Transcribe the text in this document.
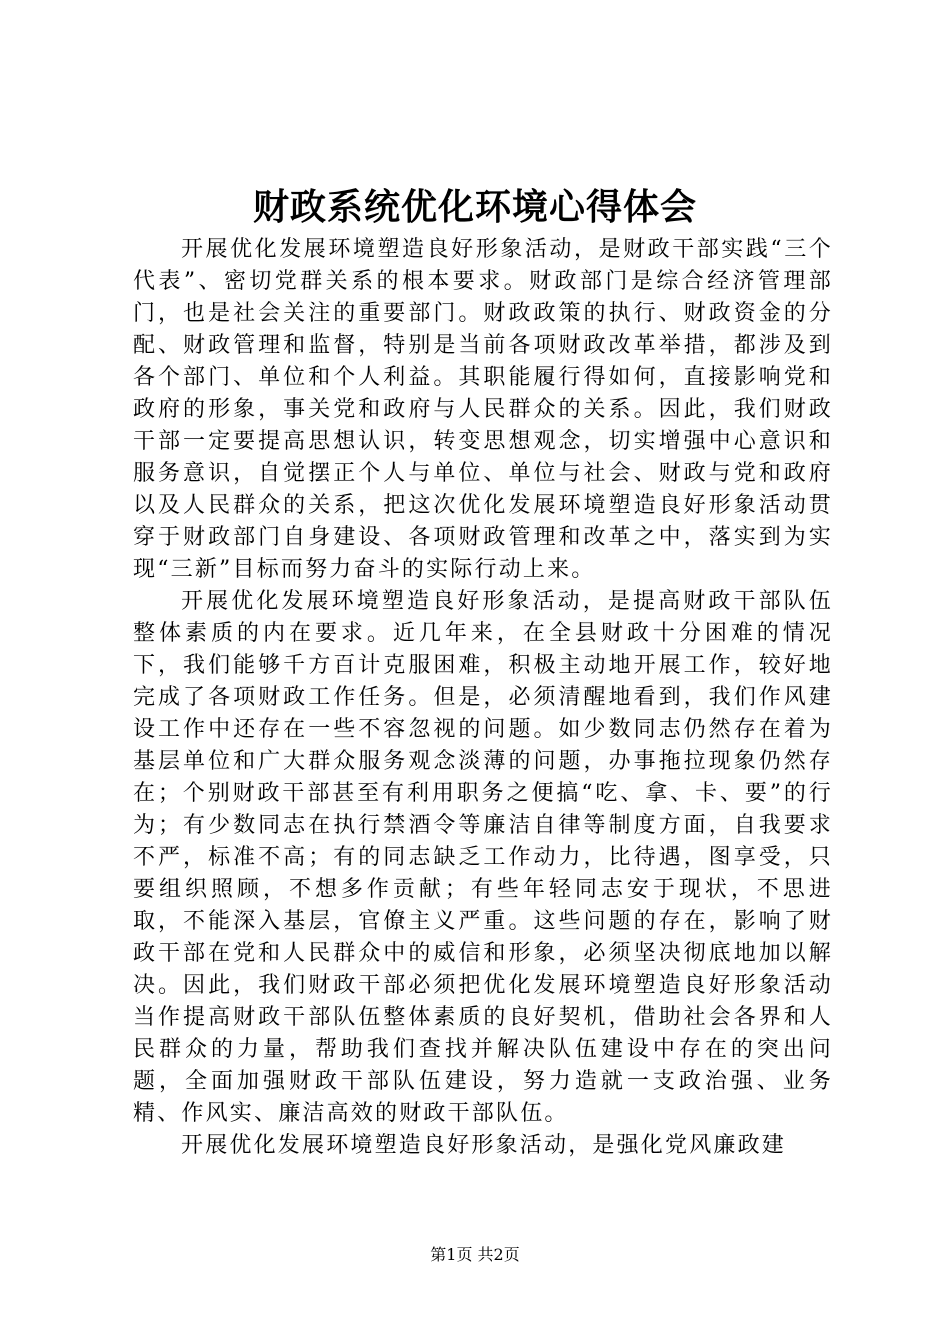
财政系统优化环境心得体会

开展优化发展环境塑造良好形象活动，是财政干部实践“三个代表”、密切党群关系的根本要求。财政部门是综合经济管理部门，也是社会关注的重要部门。财政政策的执行、财政资金的分配、财政管理和监督，特别是当前各项财政改革举措，都涉及到各个部门、单位和个人利益。其职能履行得如何，直接影响党和政府的形象，事关党和政府与人民群众的关系。因此，我们财政干部一定要提高思想认识，转变思想观念，切实增强中心意识和服务意识，自觉摆正个人与单位、单位与社会、财政与党和政府以及人民群众的关系，把这次优化发展环境塑造良好形象活动贯穿于财政部门自身建设、各项财政管理和改革之中，落实到为实现“三新”目标而努力奋斗的实际行动上来。

开展优化发展环境塑造良好形象活动，是提高财政干部队伍整体素质的内在要求。近几年来，在全县财政十分困难的情况下，我们能够千方百计克服困难，积极主动地开展工作，较好地完成了各项财政工作任务。但是，必须清醒地看到，我们作风建设工作中还存在一些不容忽视的问题。如少数同志仍然存在着为基层单位和广大群众服务观念淡薄的问题，办事拖拉现象仍然存在；个别财政干部甚至有利用职务之便搞“吃、拿、卡、要”的行为；有少数同志在执行禁酒令等廉洁自律等制度方面，自我要求不严，标准不高；有的同志缺乏工作动力，比待遇，图享受，只要组织照顾，不想多作贡献；有些年轻同志安于现状，不思进取，不能深入基层，官僚主义严重。这些问题的存在，影响了财政干部在党和人民群众中的威信和形象，必须坚决彻底地加以解决。因此，我们财政干部必须把优化发展环境塑造良好形象活动当作提高财政干部队伍整体素质的良好契机，借助社会各界和人民群众的力量，帮助我们查找并解决队伍建设中存在的突出问题，全面加强财政干部队伍建设，努力造就一支政治强、业务精、作风实、廉洁高效的财政干部队伍。

开展优化发展环境塑造良好形象活动，是强化党风廉政建

第1页 共2页
